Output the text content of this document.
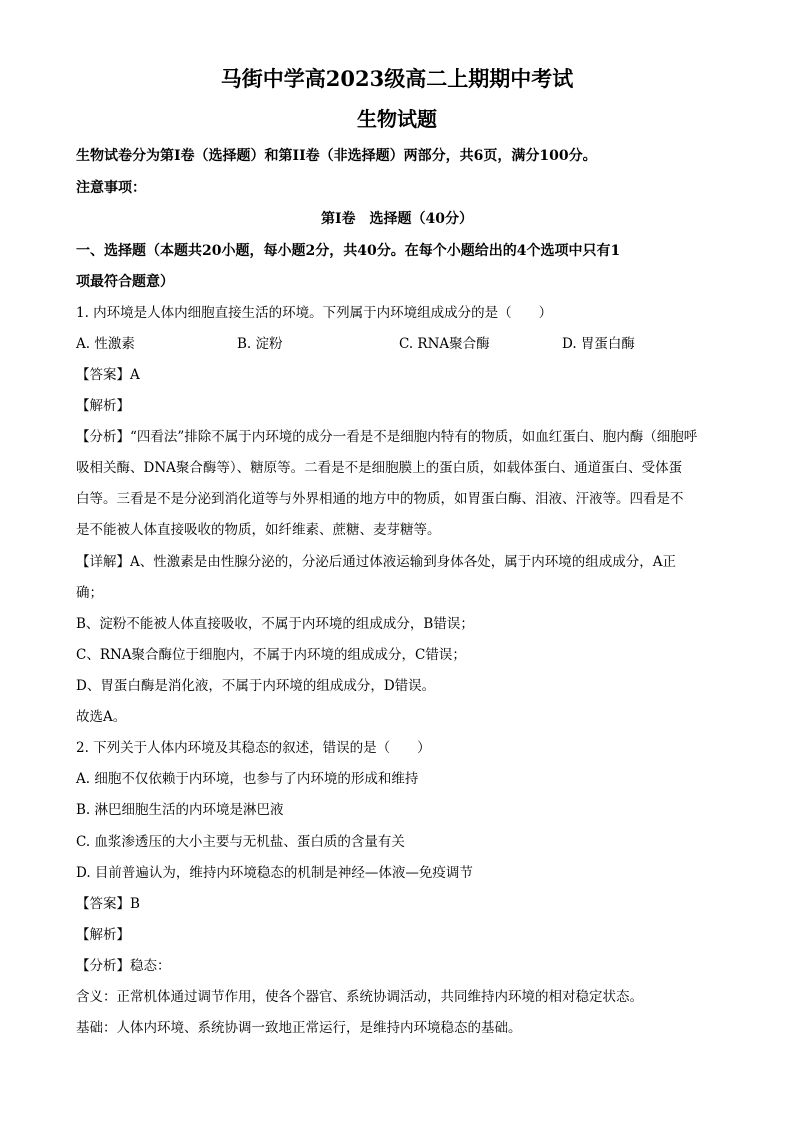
马街中学高2023级高二上期期中考试
生物试题
生物试卷分为第I卷（选择题）和第II卷（非选择题）两部分，共6页，满分100分。
注意事项：
第I卷　选择题（40分）
一、选择题（本题共20小题，每小题2分，共40分。在每个小题给出的4个选项中只有1
项最符合题意）
1. 内环境是人体内细胞直接生活的环境。下列属于内环境组成成分的是（　　）
A. 性激素	B. 淀粉	C. RNA聚合酶	D. 胃蛋白酶
【答案】A
【解析】
【分析】“四看法”排除不属于内环境的成分一看是不是细胞内特有的物质，如血红蛋白、胞内酶（细胞呼
吸相关酶、DNA聚合酶等）、糖原等。二看是不是细胞膜上的蛋白质，如载体蛋白、通道蛋白、受体蛋
白等。三看是不是分泌到消化道等与外界相通的地方中的物质，如胃蛋白酶、泪液、汗液等。四看是不
是不能被人体直接吸收的物质，如纤维素、蔗糖、麦芽糖等。
【详解】A、性激素是由性腺分泌的，分泌后通过体液运输到身体各处，属于内环境的组成成分，A正
确；
B、淀粉不能被人体直接吸收，不属于内环境的组成成分，B错误；
C、RNA聚合酶位于细胞内，不属于内环境的组成成分，C错误；
D、胃蛋白酶是消化液，不属于内环境的组成成分，D错误。
故选A。
2. 下列关于人体内环境及其稳态的叙述，错误的是（　　）
A. 细胞不仅依赖于内环境，也参与了内环境的形成和维持
B. 淋巴细胞生活的内环境是淋巴液
C. 血浆渗透压的大小主要与无机盐、蛋白质的含量有关
D. 目前普遍认为，维持内环境稳态的机制是神经—体液—免疫调节
【答案】B
【解析】
【分析】稳态：
含义：正常机体通过调节作用，使各个器官、系统协调活动，共同维持内环境的相对稳定状态。
基础：人体内环境、系统协调一致地正常运行，是维持内环境稳态的基础。
